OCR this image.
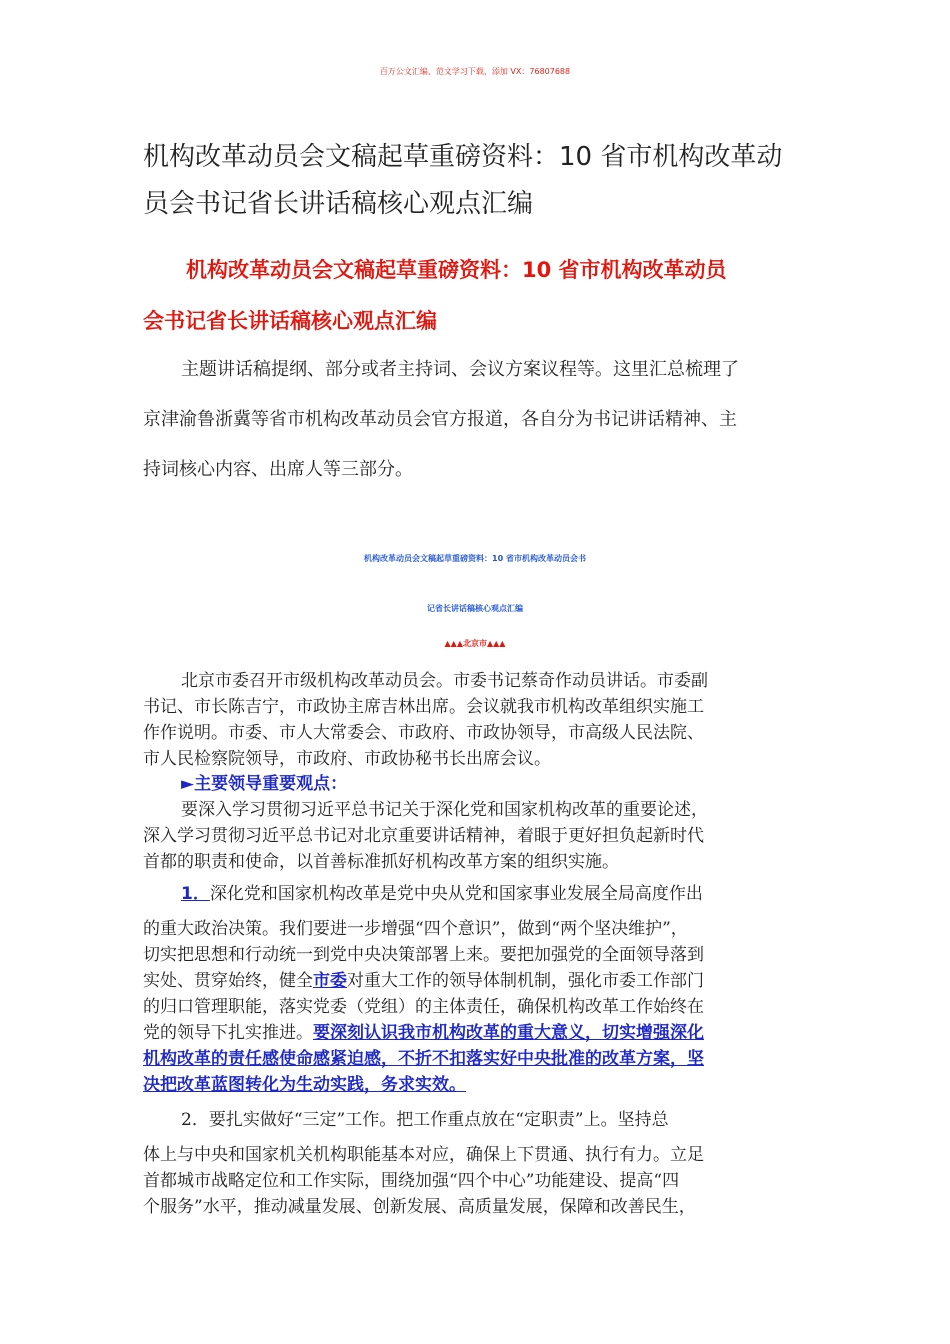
百万公文汇编、范文学习下载，添加 VX：76807688
机构改革动员会文稿起草重磅资料：10 省市机构改革动
员会书记省长讲话稿核心观点汇编
机构改革动员会文稿起草重磅资料：10 省市机构改革动员
会书记省长讲话稿核心观点汇编
主题讲话稿提纲、部分或者主持词、会议方案议程等。这里汇总梳理了
京津渝鲁浙冀等省市机构改革动员会官方报道，各自分为书记讲话精神、主
持词核心内容、出席人等三部分。
机构改革动员会文稿起草重磅资料：10 省市机构改革动员会书
记省长讲话稿核心观点汇编
▲▲▲北京市▲▲▲
北京市委召开市级机构改革动员会。市委书记蔡奇作动员讲话。市委副
书记、市长陈吉宁，市政协主席吉林出席。会议就我市机构改革组织实施工
作作说明。市委、市人大常委会、市政府、市政协领导，市高级人民法院、
市人民检察院领导，市政府、市政协秘书长出席会议。
►主要领导重要观点：
要深入学习贯彻习近平总书记关于深化党和国家机构改革的重要论述，
深入学习贯彻习近平总书记对北京重要讲话精神，着眼于更好担负起新时代
首都的职责和使命，以首善标准抓好机构改革方案的组织实施。
1．深化党和国家机构改革是党中央从党和国家事业发展全局高度作出
的重大政治决策。我们要进一步增强“四个意识”，做到“两个坚决维护”，
切实把思想和行动统一到党中央决策部署上来。要把加强党的全面领导落到
实处、贯穿始终，健全市委对重大工作的领导体制机制，强化市委工作部门
的归口管理职能，落实党委（党组）的主体责任，确保机构改革工作始终在
党的领导下扎实推进。要深刻认识我市机构改革的重大意义，切实增强深化
机构改革的责任感使命感紧迫感，不折不扣落实好中央批准的改革方案，坚
决把改革蓝图转化为生动实践，务求实效。
2．要扎实做好“三定”工作。把工作重点放在“定职责”上。坚持总
体上与中央和国家机关机构职能基本对应，确保上下贯通、执行有力。立足
首都城市战略定位和工作实际，围绕加强“四个中心”功能建设、提高“四
个服务”水平，推动减量发展、创新发展、高质量发展，保障和改善民生，
